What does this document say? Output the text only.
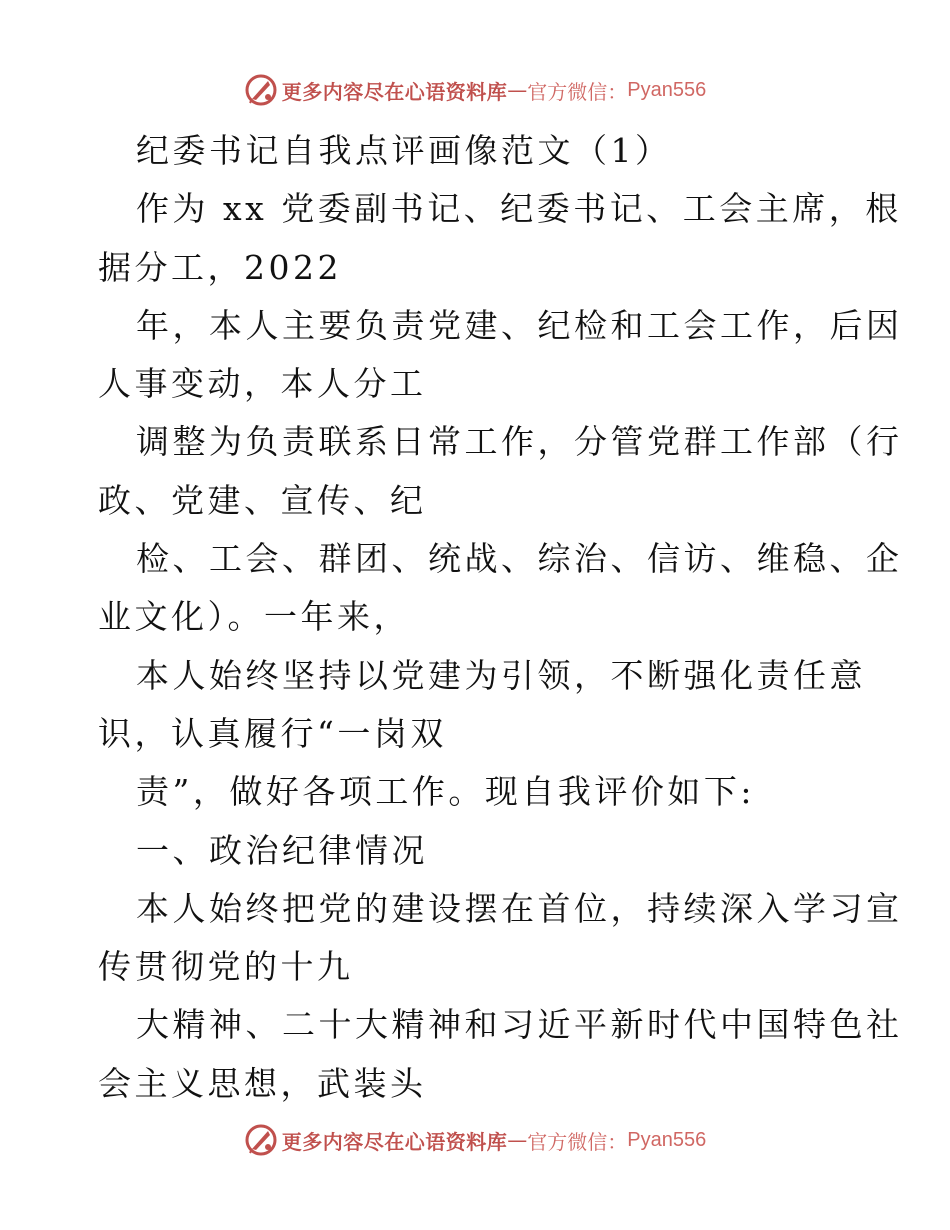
更多内容尽在心语资料库 — 官方微信： Pyan556
纪委书记自我点评画像范文（1）
作为 xx 党委副书记、纪委书记、工会主席，根
据分工，2022
年，本人主要负责党建、纪检和工会工作，后因
人事变动，本人分工
调整为负责联系日常工作，分管党群工作部（行
政、党建、宣传、纪
检、工会、群团、统战、综治、信访、维稳、企
业文化）。一年来，
本人始终坚持以党建为引领，不断强化责任意
识，认真履行“一岗双
责”，做好各项工作。现自我评价如下:
一、政治纪律情况
本人始终把党的建设摆在首位，持续深入学习宣
传贯彻党的十九
大精神、二十大精神和习近平新时代中国特色社
会主义思想，武装头
更多内容尽在心语资料库 — 官方微信： Pyan556
